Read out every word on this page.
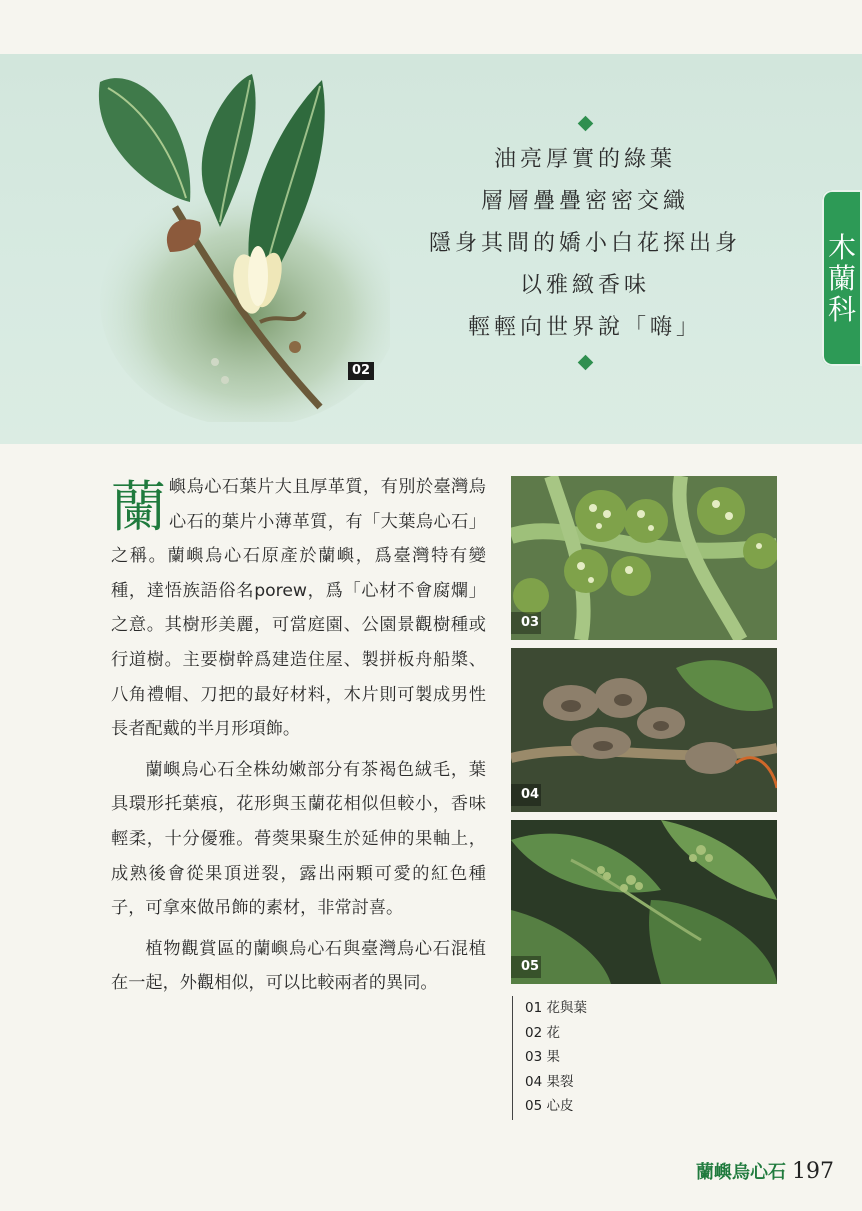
02
油亮厚實的綠葉
層層疊疊密密交織
隱身其間的嬌小白花探出身
以雅緻香味
輕輕向世界說「嗨」
木
蘭
科

蘭嶼烏心石葉片大且厚革質，有別於臺灣烏心石的葉片小薄革質，有「大葉烏心石」之稱。蘭嶼烏心石原產於蘭嶼，爲臺灣特有變種，達悟族語俗名porew，爲「心材不會腐爛」之意。其樹形美麗，可當庭園、公園景觀樹種或行道樹。主要樹幹爲建造住屋、製拼板舟船槳、八角禮帽、刀把的最好材料，木片則可製成男性長者配戴的半月形項飾。

蘭嶼烏心石全株幼嫩部分有茶褐色絨毛，葉具環形托葉痕，花形與玉蘭花相似但較小，香味輕柔，十分優雅。蓇葖果聚生於延伸的果軸上，成熟後會從果頂迸裂，露出兩顆可愛的紅色種子，可拿來做吊飾的素材，非常討喜。

植物觀賞區的蘭嶼烏心石與臺灣烏心石混植在一起，外觀相似，可以比較兩者的異同。

03
04
05
01 花與葉
02 花
03 果
04 果裂
05 心皮
蘭嶼烏心石 197
